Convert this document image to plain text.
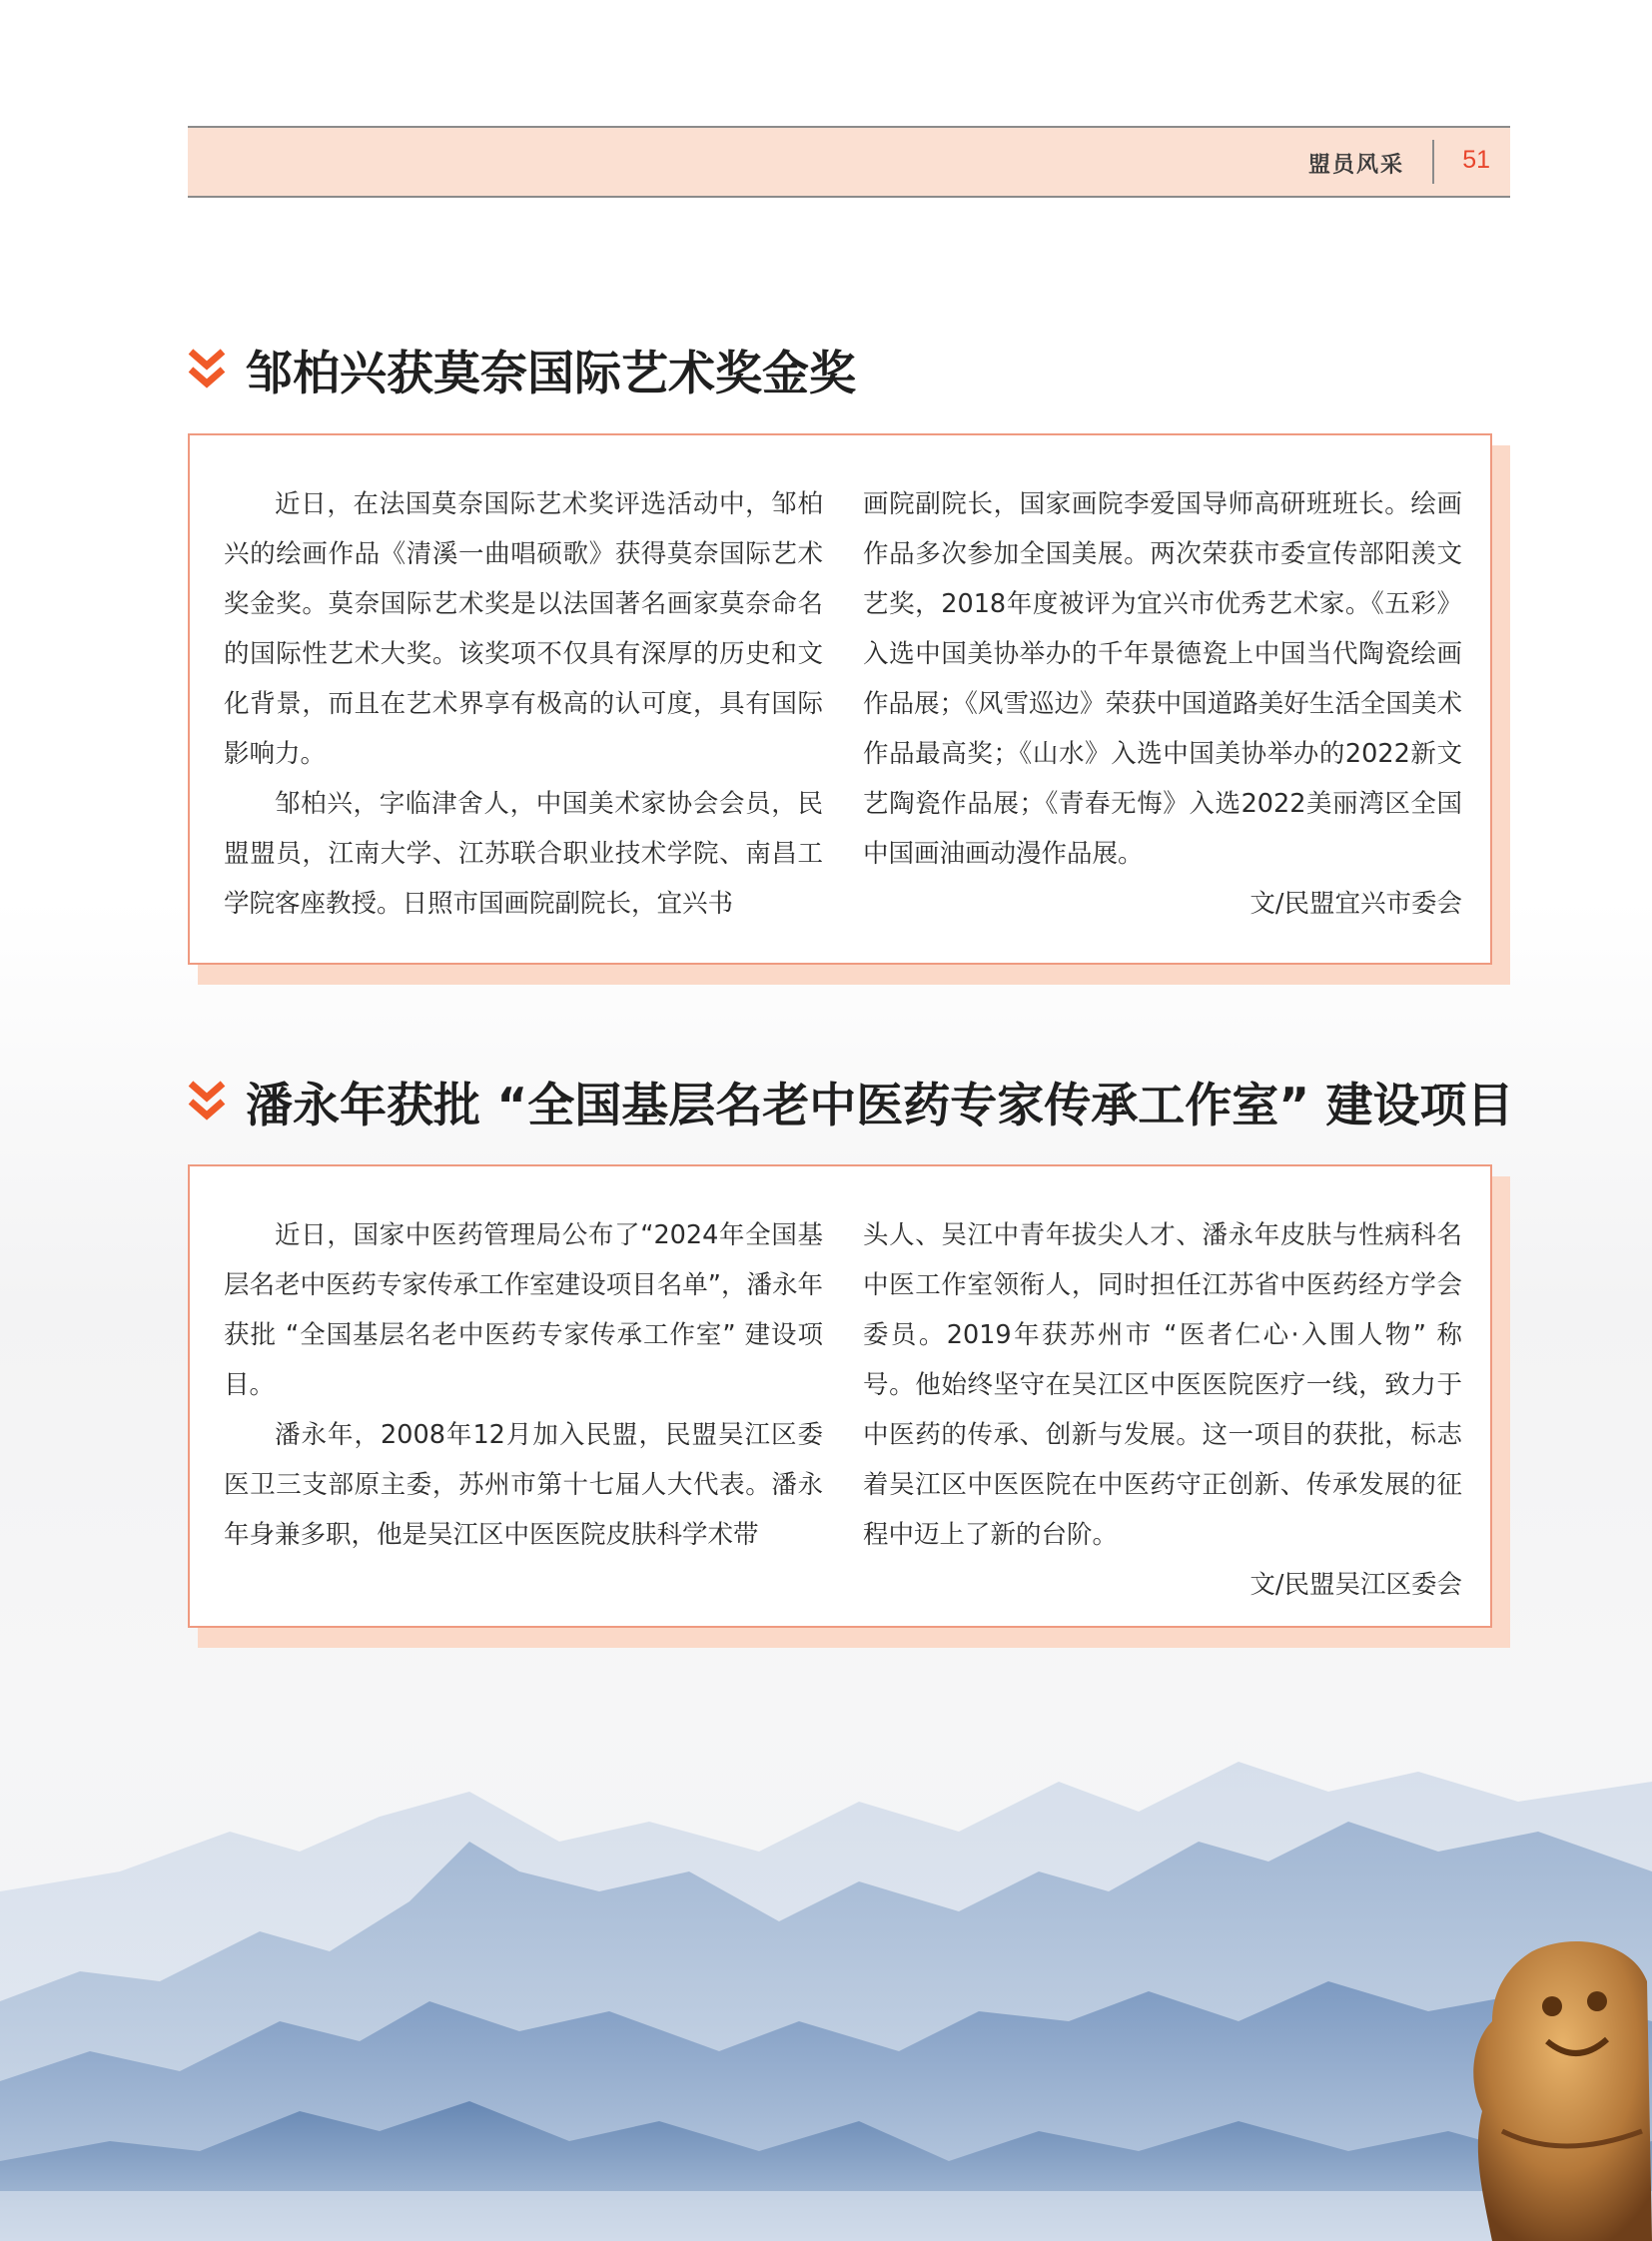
盟员风采 51
邹柏兴获莫奈国际艺术奖金奖

近日，在法国莫奈国际艺术奖评选活动中，邹柏兴的绘画作品《清溪一曲唱硕歌》获得莫奈国际艺术奖金奖。莫奈国际艺术奖是以法国著名画家莫奈命名的国际性艺术大奖。该奖项不仅具有深厚的历史和文化背景，而且在艺术界享有极高的认可度，具有国际影响力。

邹柏兴，字临津舍人，中国美术家协会会员，民盟盟员，江南大学、江苏联合职业技术学院、南昌工学院客座教授。日照市国画院副院长，宜兴书

画院副院长，国家画院李爱国导师高研班班长。绘画作品多次参加全国美展。两次荣获市委宣传部阳羡文艺奖，2018年度被评为宜兴市优秀艺术家。《五彩》入选中国美协举办的千年景德瓷上中国当代陶瓷绘画作品展；《风雪巡边》荣获中国道路美好生活全国美术作品最高奖；《山水》入选中国美协举办的2022新文艺陶瓷作品展；《青春无悔》入选2022美丽湾区全国中国画油画动漫作品展。

文/民盟宜兴市委会

潘永年获批 “全国基层名老中医药专家传承工作室” 建设项目

近日，国家中医药管理局公布了“2024年全国基层名老中医药专家传承工作室建设项目名单”，潘永年获批 “全国基层名老中医药专家传承工作室” 建设项目。

潘永年，2008年12月加入民盟，民盟吴江区委医卫三支部原主委，苏州市第十七届人大代表。潘永年身兼多职，他是吴江区中医医院皮肤科学术带

头人、吴江中青年拔尖人才、潘永年皮肤与性病科名中医工作室领衔人，同时担任江苏省中医药经方学会委员。2019年获苏州市 “医者仁心·入围人物” 称号。他始终坚守在吴江区中医医院医疗一线，致力于中医药的传承、创新与发展。这一项目的获批，标志着吴江区中医医院在中医药守正创新、传承发展的征程中迈上了新的台阶。

文/民盟吴江区委会
